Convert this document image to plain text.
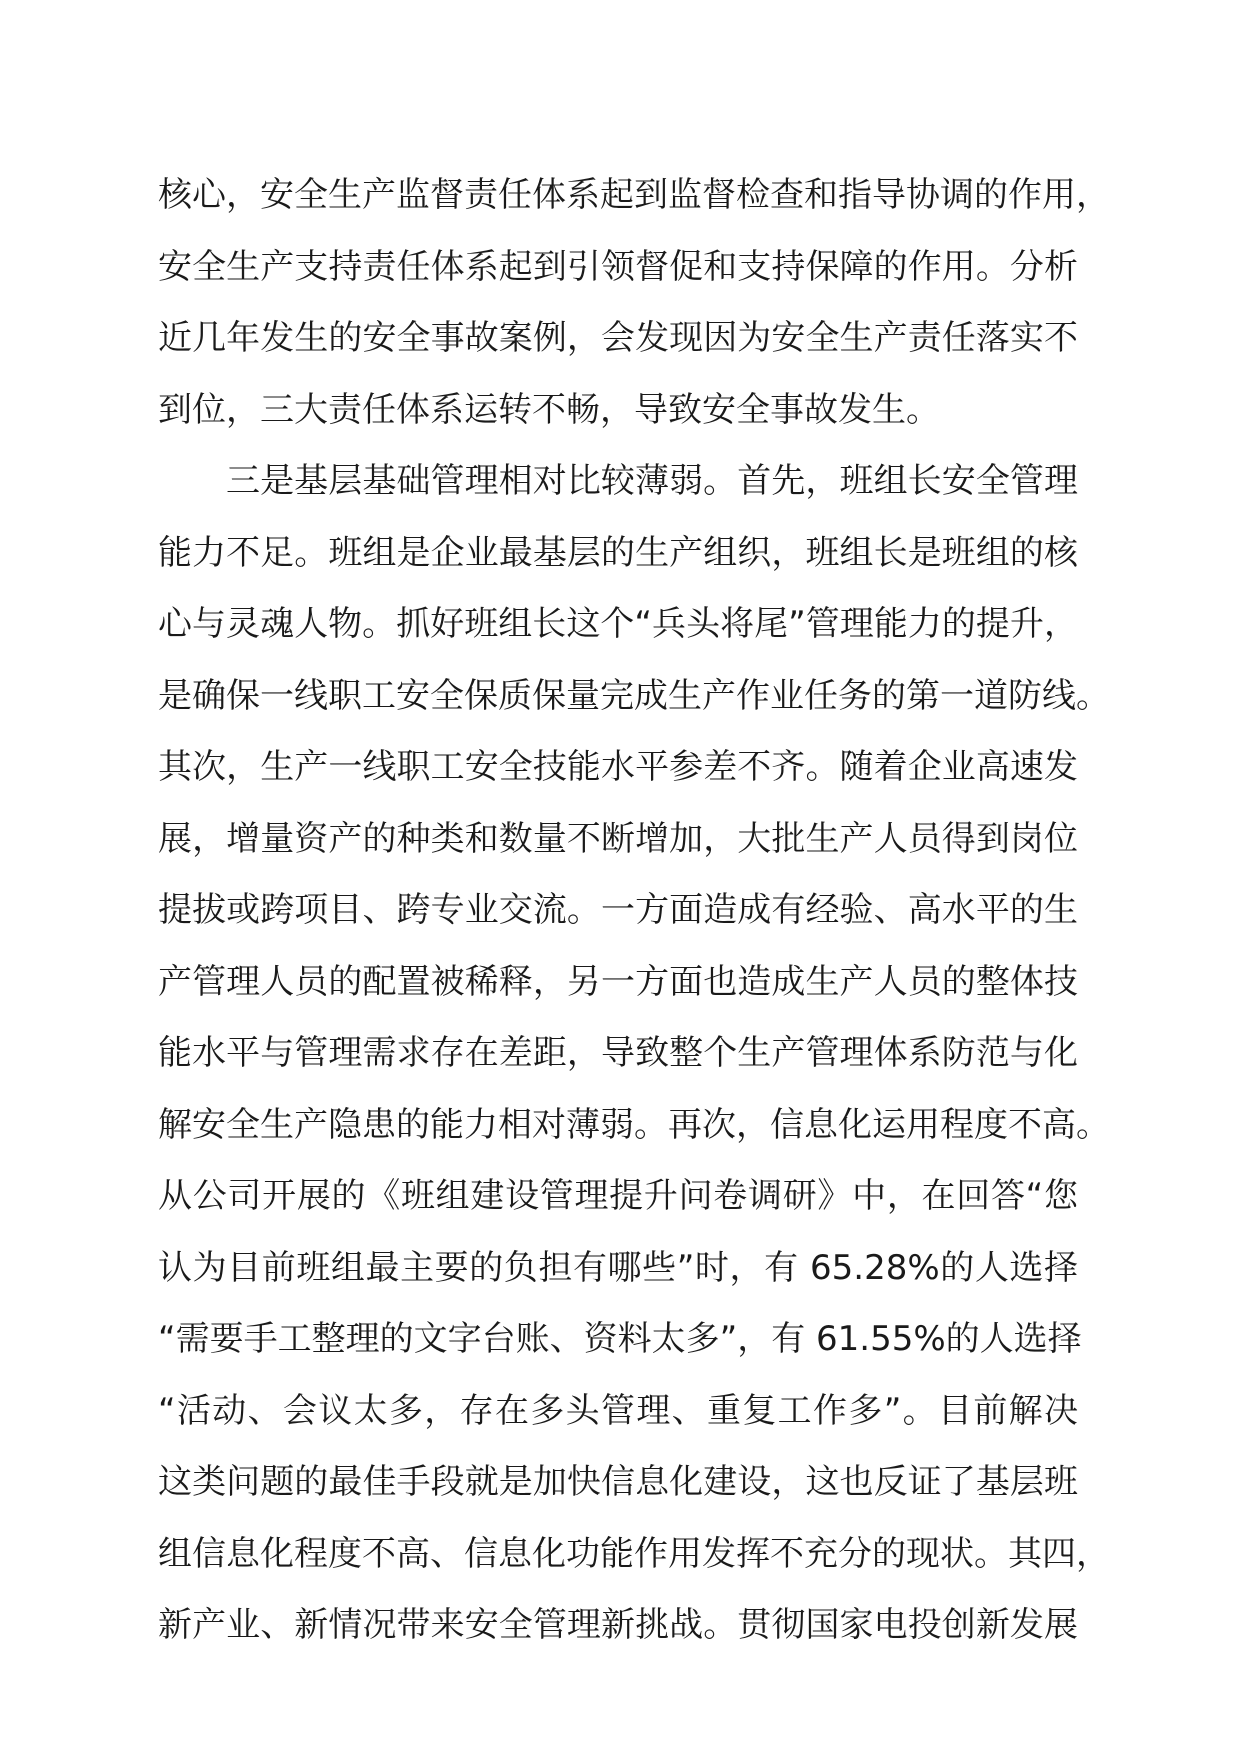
核心，安全生产监督责任体系起到监督检查和指导协调的作用，
安全生产支持责任体系起到引领督促和支持保障的作用。分析
近几年发生的安全事故案例，会发现因为安全生产责任落实不
到位，三大责任体系运转不畅，导致安全事故发生。
三是基层基础管理相对比较薄弱。首先，班组长安全管理
能力不足。班组是企业最基层的生产组织，班组长是班组的核
心与灵魂人物。抓好班组长这个“兵头将尾”管理能力的提升，
是确保一线职工安全保质保量完成生产作业任务的第一道防线。
其次，生产一线职工安全技能水平参差不齐。随着企业高速发
展，增量资产的种类和数量不断增加，大批生产人员得到岗位
提拔或跨项目、跨专业交流。一方面造成有经验、高水平的生
产管理人员的配置被稀释，另一方面也造成生产人员的整体技
能水平与管理需求存在差距，导致整个生产管理体系防范与化
解安全生产隐患的能力相对薄弱。再次，信息化运用程度不高。
从公司开展的《班组建设管理提升问卷调研》中，在回答“您
认为目前班组最主要的负担有哪些”时，有 65.28%的人选择
“需要手工整理的文字台账、资料太多”，有 61.55%的人选择
“活动、会议太多，存在多头管理、重复工作多”。目前解决
这类问题的最佳手段就是加快信息化建设，这也反证了基层班
组信息化程度不高、信息化功能作用发挥不充分的现状。其四，
新产业、新情况带来安全管理新挑战。贯彻国家电投创新发展
